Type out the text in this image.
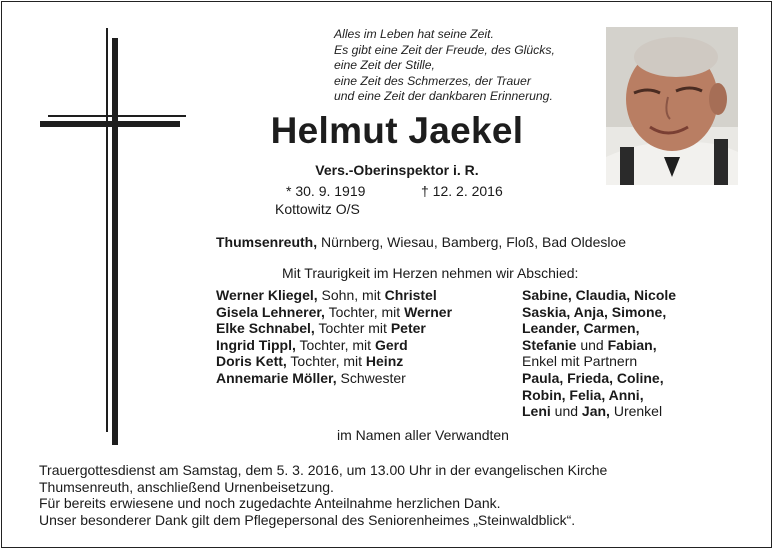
Alles im Leben hat seine Zeit.
Es gibt eine Zeit der Freude, des Glücks,
eine Zeit der Stille,
eine Zeit des Schmerzes, der Trauer
und eine Zeit der dankbaren Erinnerung.
Helmut Jaekel
Vers.-Oberinspektor i. R.
* 30. 9. 1919
Kottowitz O/S
† 12. 2. 2016
Thumsenreuth, Nürnberg, Wiesau, Bamberg, Floß, Bad Oldesloe
Mit Traurigkeit im Herzen nehmen wir Abschied:
Werner Kliegel, Sohn, mit Christel
Gisela Lehnerer, Tochter, mit Werner
Elke Schnabel, Tochter mit Peter
Ingrid Tippl, Tochter, mit Gerd
Doris Kett, Tochter, mit Heinz
Annemarie Möller, Schwester
Sabine, Claudia, Nicole
Saskia, Anja, Simone,
Leander, Carmen,
Stefanie und Fabian,
Enkel mit Partnern
Paula, Frieda, Coline,
Robin, Felia, Anni,
Leni und Jan, Urenkel
im Namen aller Verwandten
Trauergottesdienst am Samstag, dem 5. 3. 2016, um 13.00 Uhr in der evangelischen Kirche
Thumsenreuth, anschließend Urnenbeisetzung.
Für bereits erwiesene und noch zugedachte Anteilnahme herzlichen Dank.
Unser besonderer Dank gilt dem Pflegepersonal des Seniorenheimes „Steinwaldblick“.
